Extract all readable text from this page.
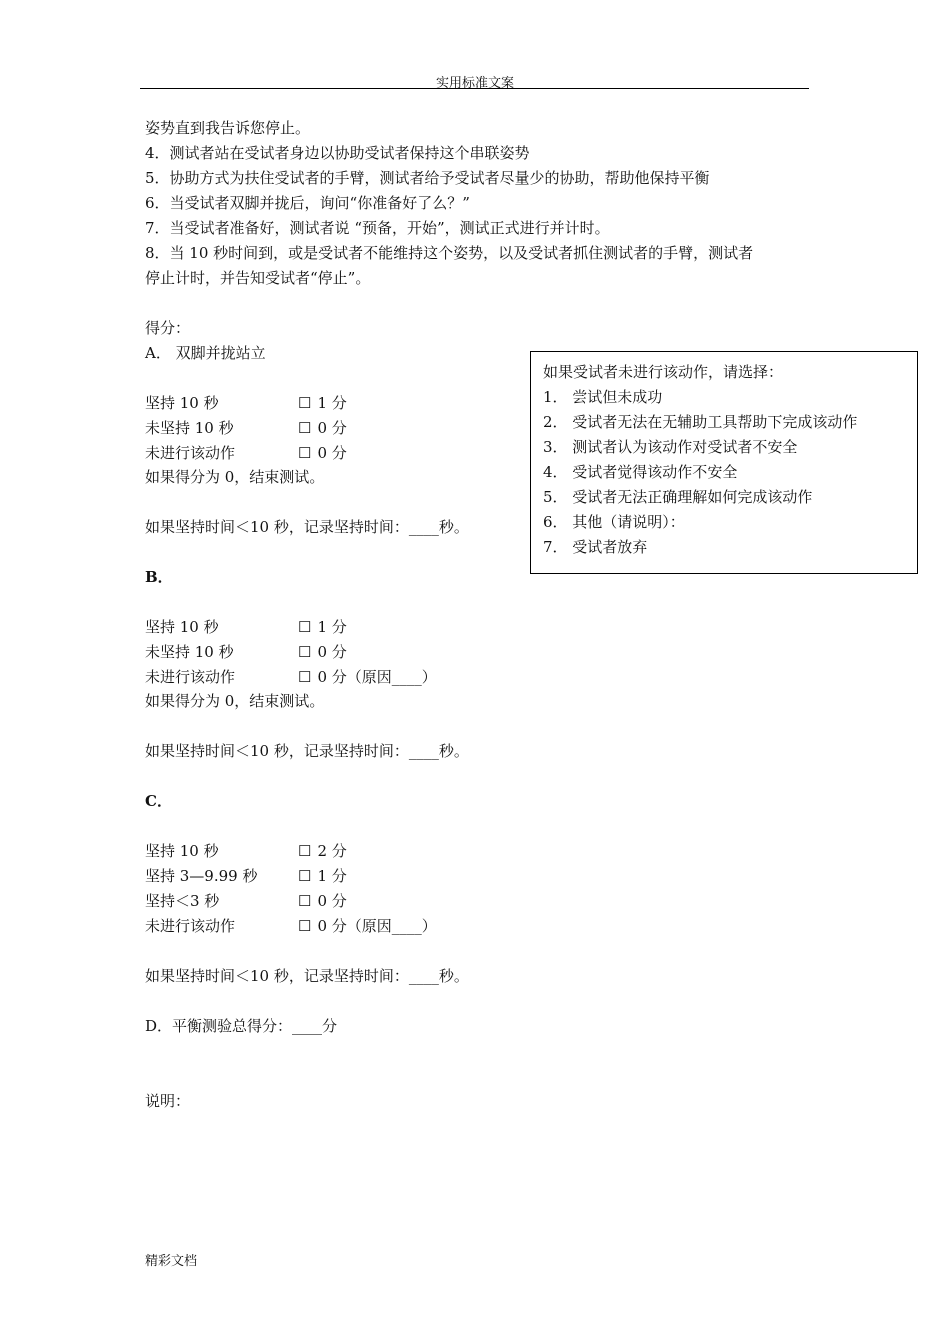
实用标准文案
姿势直到我告诉您停止。
4．测试者站在受试者身边以协助受试者保持这个串联姿势
5．协助方式为扶住受试者的手臂，测试者给予受试者尽量少的协助，帮助他保持平衡
6．当受试者双脚并拢后，询问“你准备好了么？”
7．当受试者准备好，测试者说 “预备，开始”，测试正式进行并计时。
8．当 10 秒时间到，或是受试者不能维持这个姿势，以及受试者抓住测试者的手臂，测试者
停止计时，并告知受试者“停止”。
得分：
A． 双脚并拢站立
坚持 10 秒	☐ 1 分
未坚持 10 秒	☐ 0 分
未进行该动作	☐ 0 分
如果得分为 0，结束测试。
如果坚持时间＜10 秒，记录坚持时间：____秒。
B．
坚持 10 秒	☐ 1 分
未坚持 10 秒	☐ 0 分
未进行该动作	☐ 0 分（原因____）
如果得分为 0，结束测试。
如果坚持时间＜10 秒，记录坚持时间：____秒。
C．
坚持 10 秒	☐ 2 分
坚持 3—9.99 秒	☐ 1 分
坚持＜3 秒	☐ 0 分
未进行该动作	☐ 0 分（原因____）
如果坚持时间＜10 秒，记录坚持时间：____秒。
D．平衡测验总得分：____分
说明：
如果受试者未进行该动作，请选择：
1． 尝试但未成功
2． 受试者无法在无辅助工具帮助下完成该动作
3． 测试者认为该动作对受试者不安全
4． 受试者觉得该动作不安全
5． 受试者无法正确理解如何完成该动作
6． 其他（请说明）：
7． 受试者放弃
精彩文档
